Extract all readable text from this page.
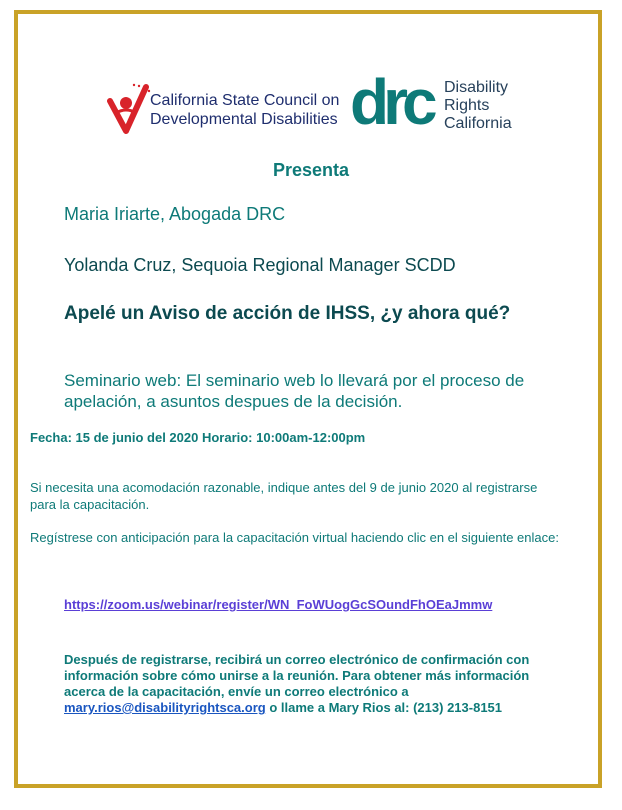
California State Council on
Developmental Disabilities drc Disability
Rights
California
Presenta
Maria Iriarte, Abogada DRC
Yolanda Cruz, Sequoia Regional Manager SCDD
Apelé un Aviso de acción de IHSS, ¿y ahora qué?
Seminario web: El seminario web lo llevará por el proceso de apelación, a asuntos despues de la decisión.
Fecha: 15 de junio del 2020 Horario: 10:00am-12:00pm
Si necesita una acomodación razonable, indique antes del 9 de junio 2020 al registrarse para la capacitación.
Regístrese con anticipación para la capacitación virtual haciendo clic en el siguiente enlace:
https://zoom.us/webinar/register/WN_FoWUogGcSOundFhOEaJmmw
Después de registrarse, recibirá un correo electrónico de confirmación con información sobre cómo unirse a la reunión. Para obtener más información acerca de la capacitación, envíe un correo electrónico a mary.rios@disabilityrightsca.org o llame a Mary Rios al: (213) 213-8151
